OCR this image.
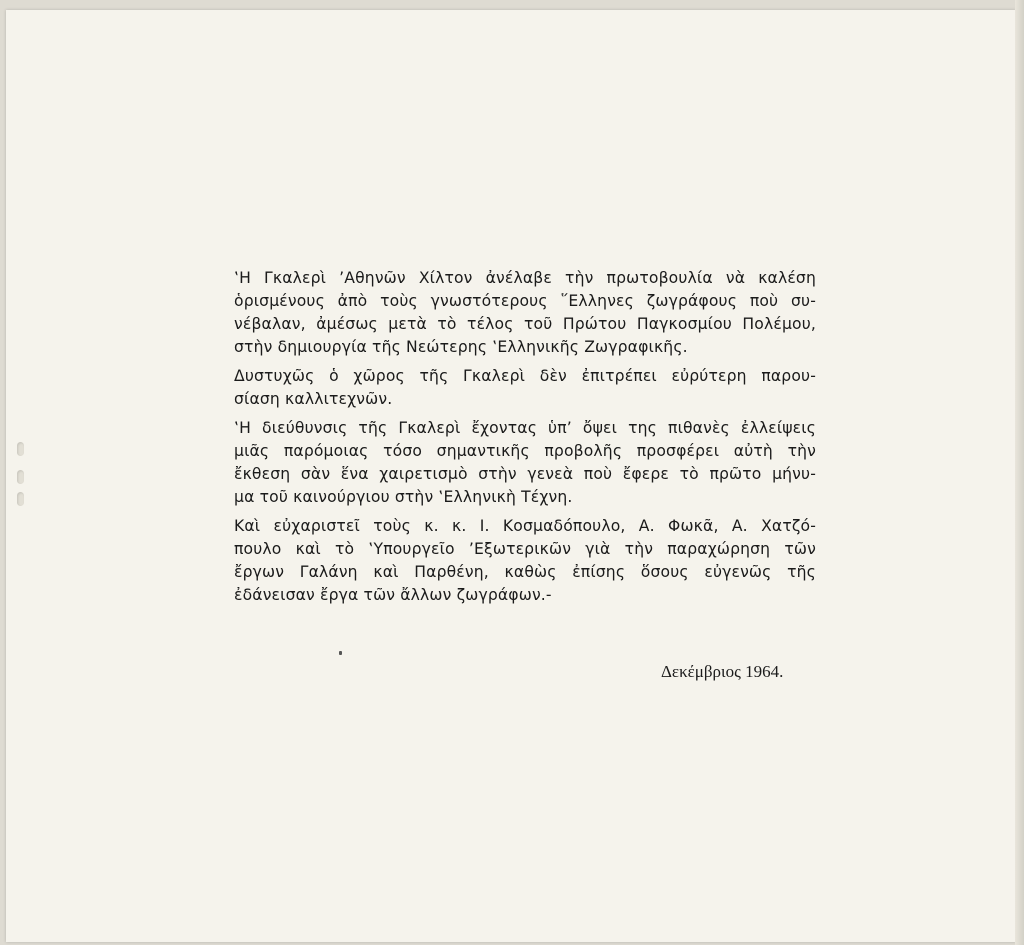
‛Η Γκαλερὶ ’Αθηνῶν Χίλτον ἀνέλαβε τὴν πρωτοβουλία νὰ καλέση
ὁρισμένους ἀπὸ τοὺς γνωστότερους ῞Ελληνες ζωγράφους ποὺ συ-
νέβαλαν, ἀμέσως μετὰ τὸ τέλος τοῦ Πρώτου Παγκοσμίου Πολέμου,
στὴν δημιουργία τῆς Νεώτερης ‛Ελληνικῆς Ζωγραφικῆς.
Δυστυχῶς ὁ χῶρος τῆς Γκαλερὶ δὲν ἐπιτρέπει εὐρύτερη παρου-
σίαση καλλιτεχνῶν.
‛Η διεύθυνσις τῆς Γκαλερὶ ἔχοντας ὑπ’ ὄψει της πιθανὲς ἐλλείψεις
μιᾶς παρόμοιας τόσο σημαντικῆς προβολῆς προσφέρει αὐτὴ τὴν
ἔκθεση σὰν ἕνα χαιρετισμὸ στὴν γενεὰ ποὺ ἔφερε τὸ πρῶτο μήνυ-
μα τοῦ καινούργιου στὴν ‛Ελληνικὴ Τέχνη.
Καὶ εὐχαριστεῖ τοὺς κ. κ. Ι. Κοσμαδόπουλο, Α. Φωκᾶ, Α. Χατζό-
πουλο καὶ τὸ ‛Υπουργεῖο ’Εξωτερικῶν γιὰ τὴν παραχώρηση τῶν
ἔργων Γαλάνη καὶ Παρθένη, καθὼς ἐπίσης ὅσους εὐγενῶς τῆς
ἐδάνεισαν ἔργα τῶν ἄλλων ζωγράφων.-
Δεκέμβριος 1964.
